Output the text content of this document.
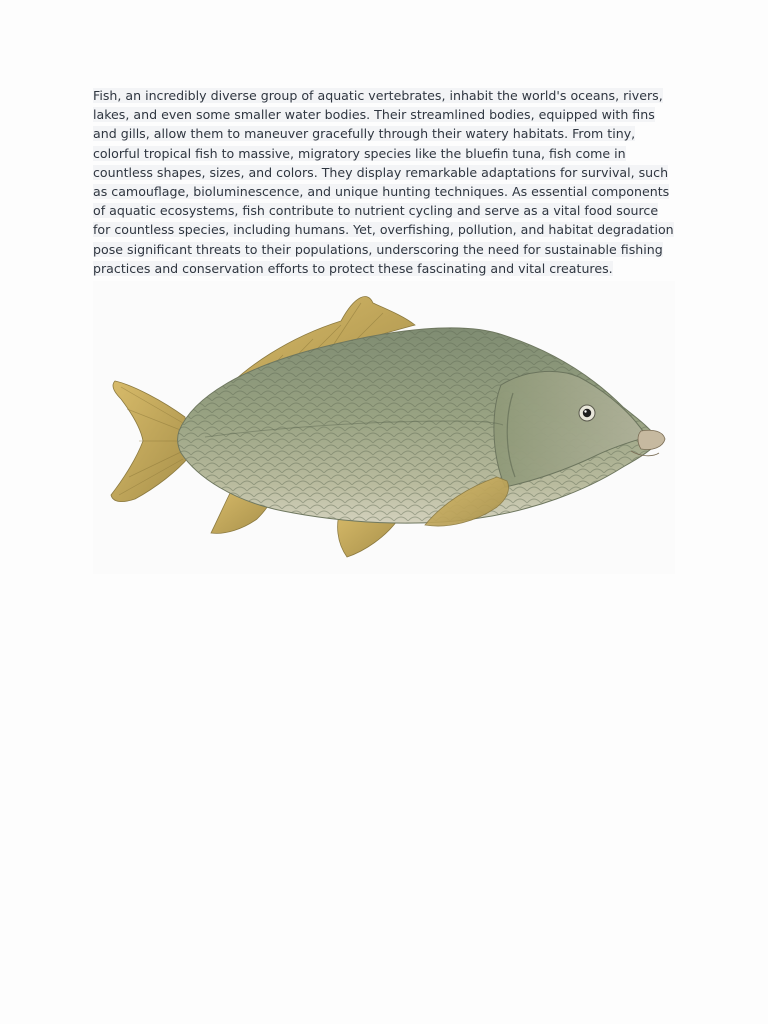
Fish, an incredibly diverse group of aquatic vertebrates, inhabit the world's oceans, rivers, lakes, and even some smaller water bodies. Their streamlined bodies, equipped with fins and gills, allow them to maneuver gracefully through their watery habitats. From tiny, colorful tropical fish to massive, migratory species like the bluefin tuna, fish come in countless shapes, sizes, and colors. They display remarkable adaptations for survival, such as camouflage, bioluminescence, and unique hunting techniques. As essential components of aquatic ecosystems, fish contribute to nutrient cycling and serve as a vital food source for countless species, including humans. Yet, overfishing, pollution, and habitat degradation pose significant threats to their populations, underscoring the need for sustainable fishing practices and conservation efforts to protect these fascinating and vital creatures.
